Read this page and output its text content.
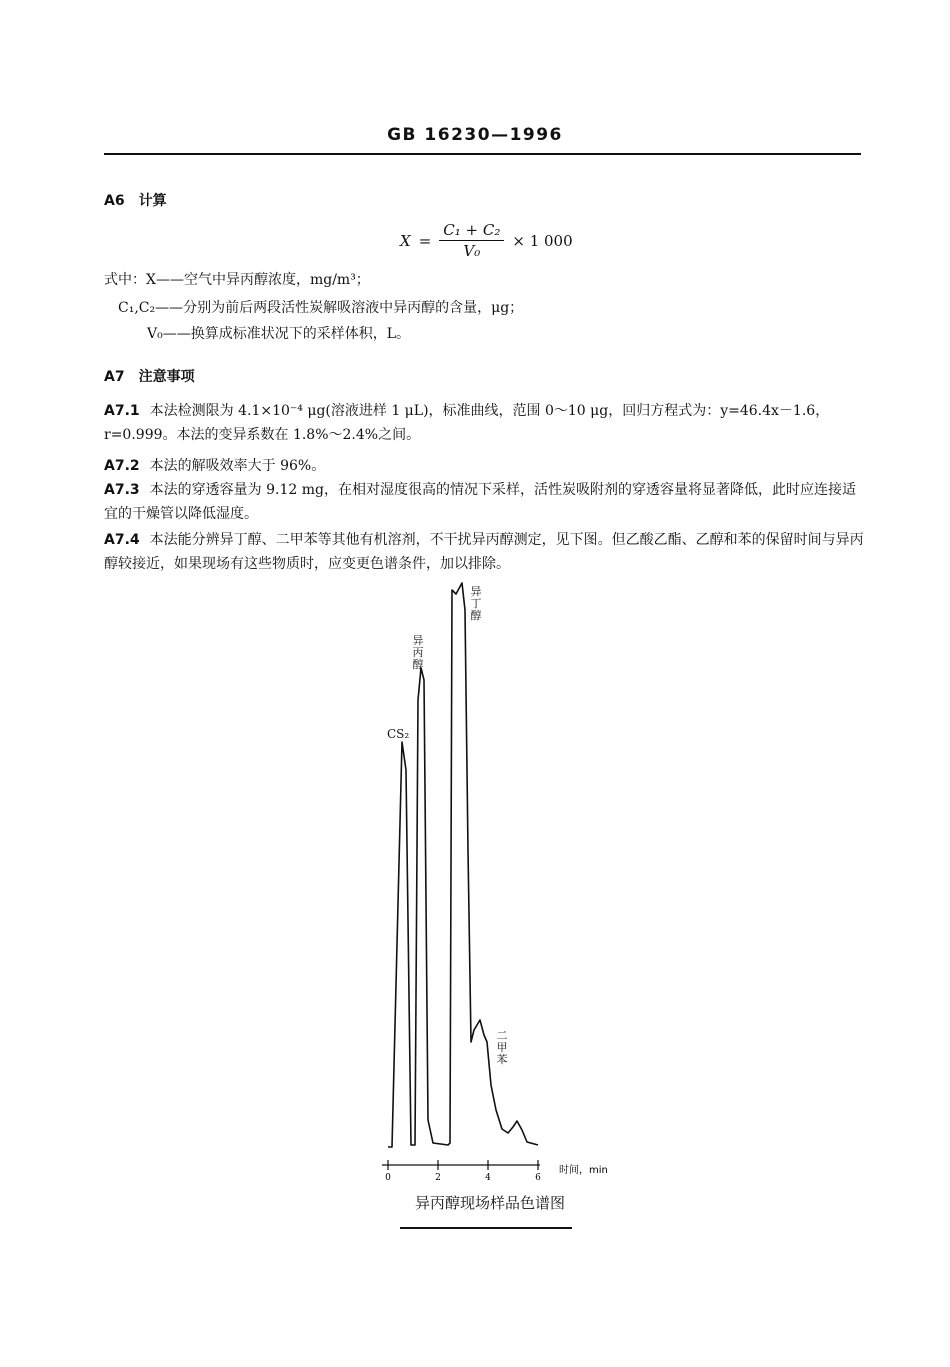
GB 16230—1996
A6 计算
$X = \frac{\text{C₁ + C₂}}{\text{V₀}} \times 1$ 000
式中：X——空气中异丙醇浓度，mg/m³；
C₁,C₂——分别为前后两段活性炭解吸溶液中异丙醇的含量，μg；
V₀——换算成标准状况下的采样体积，L。
A7 注意事项
A7.1 本法检测限为 4.1×10⁻⁴ μg(溶液进样 1 μL)，标准曲线，范围 0～10 μg，回归方程式为：y=46.4x－1.6，r=0.999。本法的变异系数在 1.8%～2.4%之间。
A7.2 本法的解吸效率大于 96%。
A7.3 本法的穿透容量为 9.12 mg，在相对湿度很高的情况下采样，活性炭吸附剂的穿透容量将显著降低，此时应连接适宜的干燥管以降低湿度。
A7.4 本法能分辨异丁醇、二甲苯等其他有机溶剂，不干扰异丙醇测定，见下图。但乙酸乙酯、乙醇和苯的保留时间与异丙醇较接近，如果现场有这些物质时，应变更色谱条件，加以排除。
0	2	4	6
时间，min
CS₂
异
丙
醇
异
丁
醇
二
甲
苯
异丙醇现场样品色谱图
